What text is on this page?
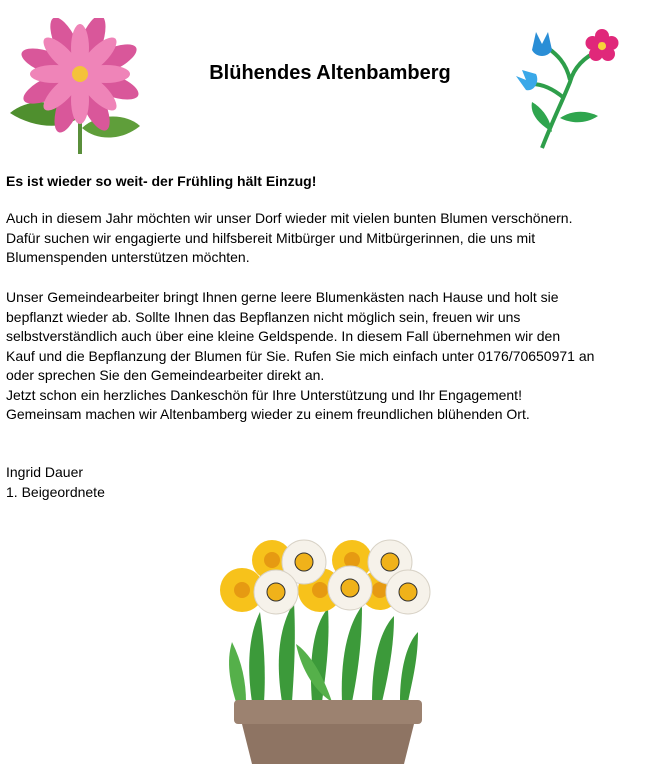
Blühendes Altenbamberg
Es ist wieder so weit- der Frühling hält Einzug!
Auch in diesem Jahr möchten wir unser Dorf wieder mit vielen bunten Blumen verschönern.
Dafür suchen wir engagierte und hilfsbereit Mitbürger und Mitbürgerinnen, die uns mit
Blumenspenden unterstützen möchten.
Unser Gemeindearbeiter bringt Ihnen gerne leere Blumenkästen nach Hause und holt sie
bepflanzt wieder ab. Sollte Ihnen das Bepflanzen nicht möglich sein, freuen wir uns
selbstverständlich auch über eine kleine Geldspende. In diesem Fall übernehmen wir den
Kauf und die Bepflanzung der Blumen für Sie. Rufen Sie mich einfach unter 0176/70650971 an
oder sprechen Sie den Gemeindearbeiter direkt an.
Jetzt schon ein herzliches Dankeschön für Ihre Unterstützung und Ihr Engagement!
Gemeinsam machen wir Altenbamberg wieder zu einem freundlichen blühenden Ort.
Ingrid Dauer
1. Beigeordnete
